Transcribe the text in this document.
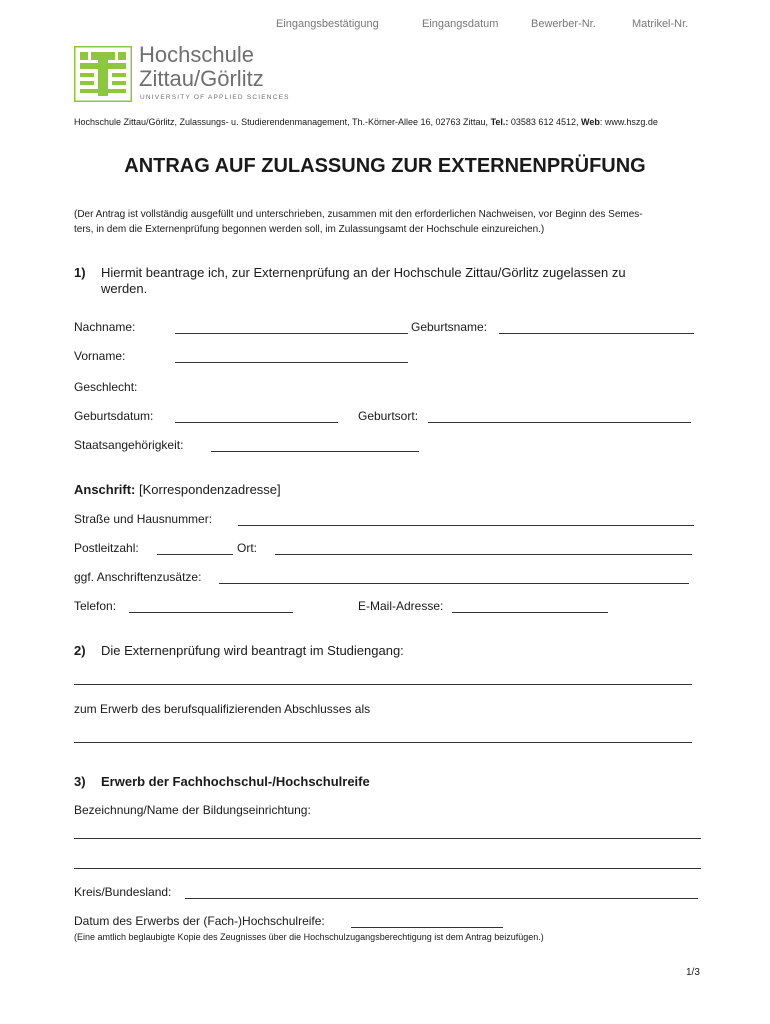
Eingangsbestätigung	Eingangsdatum	Bewerber-Nr.	Matrikel-Nr.
Hochschule
Zittau/Görlitz
UNIVERSITY OF APPLIED SCIENCES
Hochschule Zittau/Görlitz, Zulassungs- u. Studierendenmanagement, Th.-Körner-Allee 16, 02763 Zittau, Tel.: 03583 612 4512, Web: www.hszg.de
ANTRAG AUF ZULASSUNG ZUR EXTERNENPRÜFUNG
(Der Antrag ist vollständig ausgefüllt und unterschrieben, zusammen mit den erforderlichen Nachweisen, vor Beginn des Semes-
ters, in dem die Externenprüfung begonnen werden soll, im Zulassungsamt der Hochschule einzureichen.)
1) Hiermit beantrage ich, zur Externenprüfung an der Hochschule Zittau/Görlitz zugelassen zu
werden.
Nachname:	Geburtsname:
Vorname:
Geschlecht:
Geburtsdatum:	Geburtsort:
Staatsangehörigkeit:
Anschrift: [Korrespondenzadresse]
Straße und Hausnummer:
Postleitzahl:	Ort:
ggf. Anschriftenzusätze:
Telefon:	E-Mail-Adresse:
2) Die Externenprüfung wird beantragt im Studiengang:
zum Erwerb des berufsqualifizierenden Abschlusses als
3) Erwerb der Fachhochschul-/Hochschulreife
Bezeichnung/Name der Bildungseinrichtung:
Kreis/Bundesland:
Datum des Erwerbs der (Fach-)Hochschulreife:
(Eine amtlich beglaubigte Kopie des Zeugnisses über die Hochschulzugangsberechtigung ist dem Antrag beizufügen.)
1/3
